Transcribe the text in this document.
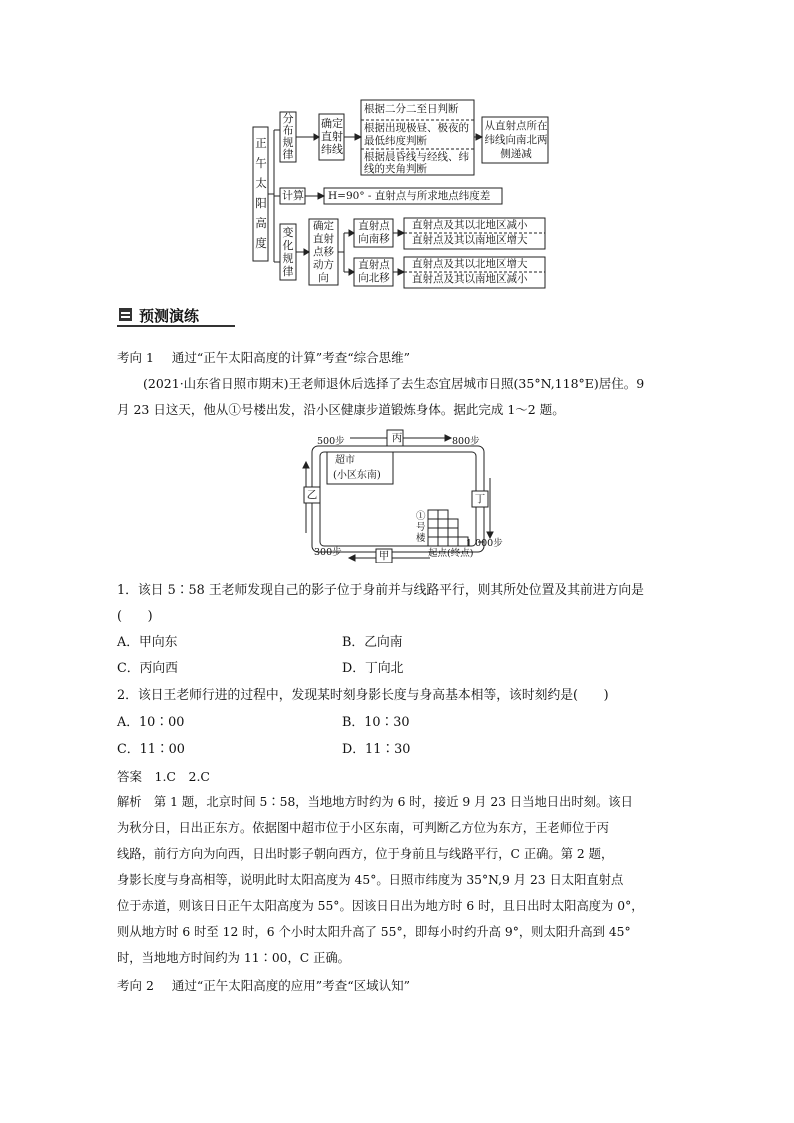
正午太阳高度
分布规律
确定直射纬线
根据二分二至日判断
根据出现极昼、极夜的最低纬度判断
根据晨昏线与经线、纬线的夹角判断
从直射点所在纬线向南北两侧递减
计算 H=90° - 直射点与所求地点纬度差
变化规律
确定直射点移动方向
直射点向南移
直射点向北移
直射点及其以北地区减小
直射点及其以南地区增大
直射点及其以北地区增大
直射点及其以南地区减小
预测演练
考向 1 通过“正午太阳高度的计算”考查“综合思维”
(2021·山东省日照市期末)王老师退休后选择了去生态宜居城市日照(35°N,118°E)居住。9
月 23 日这天，他从①号楼出发，沿小区健康步道锻炼身体。据此完成 1～2 题。
500步	800步
1 000步
300步	起点(终点)
超市
(小区东南)
①号楼
丙
乙	丁
甲
1．该日 5∶58 王老师发现自己的影子位于身前并与线路平行，则其所处位置及其前进方向是
(　　)
A．甲向东	B．乙向南
C．丙向西	D．丁向北
2．该日王老师行进的过程中，发现某时刻身影长度与身高基本相等，该时刻约是(　　)
A．10∶00	B．10∶30
C．11∶00	D．11∶30
答案　1.C　2.C
解析　第 1 题，北京时间 5∶58，当地地方时约为 6 时，接近 9 月 23 日当地日出时刻。该日
为秋分日，日出正东方。依据图中超市位于小区东南，可判断乙方位为东方，王老师位于丙
线路，前行方向为向西，日出时影子朝向西方，位于身前且与线路平行，C 正确。第 2 题，
身影长度与身高相等，说明此时太阳高度为 45°。日照市纬度为 35°N,9 月 23 日太阳直射点
位于赤道，则该日日正午太阳高度为 55°。因该日日出为地方时 6 时，且日出时太阳高度为 0°，
则从地方时 6 时至 12 时，6 个小时太阳升高了 55°，即每小时约升高 9°，则太阳升高到 45°
时，当地地方时间约为 11∶00，C 正确。
考向 2 通过“正午太阳高度的应用”考查“区域认知”
